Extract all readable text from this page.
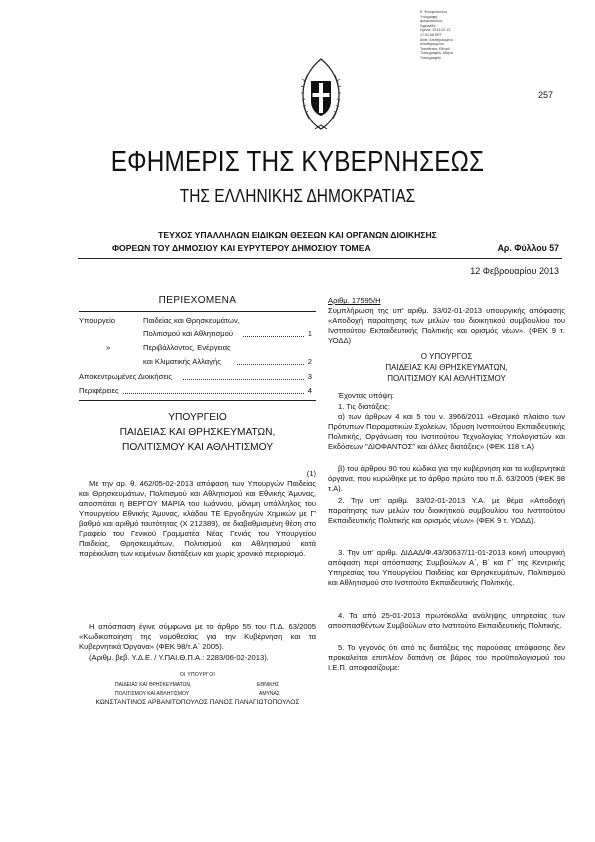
Ε. Φουφόπουλος
Υπογραφή
φουφοπουλος
Σφραγίδα
Ημ/νία: 2013.02.12
17:41:08 EET
Αιτία: Αποθηκευμένο
Αποθηκευμένο
Τοποθεσία: Εθνικό
Τυπογραφείο, Αθήνα
Τυπογραφείο
257
ΕΦΗΜΕΡΙΣ ΤΗΣ ΚΥΒΕΡΝΗΣΕΩΣ
ΤΗΣ ΕΛΛΗΝΙΚΗΣ ΔΗΜΟΚΡΑΤΙΑΣ
ΤΕΥΧΟΣ ΥΠΑΛΛΗΛΩΝ ΕΙΔΙΚΩΝ ΘΕΣΕΩΝ ΚΑΙ ΟΡΓΑΝΩΝ ΔΙΟΙΚΗΣΗΣ
ΦΟΡΕΩΝ ΤΟΥ ΔΗΜΟΣΙΟΥ ΚΑΙ ΕΥΡΥΤΕΡΟΥ ΔΗΜΟΣΙΟΥ ΤΟΜΕΑ	Αρ. Φύλλου 57
12 Φεβρουαρίου 2013
ΠΕΡΙΕΧΟΜΕΝΑ
Υπουργείο	Παιδείας και Θρησκευμάτων,
Πολιτισμού και Αθλητισμού	1
»	Περιβάλλοντος, Ενέργειας
και Κλιματικής Αλλαγής	2
Αποκεντρωμένες Διοικήσεις	3
Περιφέρειες	4
ΥΠΟΥΡΓΕΙΟ
ΠΑΙΔΕΙΑΣ ΚΑΙ ΘΡΗΣΚΕΥΜΑΤΩΝ,
ΠΟΛΙΤΙΣΜΟΥ ΚΑΙ ΑΘΛΗΤΙΣΜΟΥ
(1)
Με την αρ. θ. 462/05-02-2013 απόφαση των Υπουργών Παιδείας και Θρησκευμάτων, Πολιτισμού και Αθλητισμού και Εθνικής Άμυνας, αποσπάται η ΒΕΡΓΟΥ ΜΑΡΙΑ του Ιωάννου, μόνιμη υπάλληλος του Υπουργείου Εθνικής Άμυνας, κλάδου ΤΕ Εργοδηγών Χημικών με Γ' βαθμό και αριθμό ταυτότητας (Χ 212389), σε διαβαθμισμένη θέση στο Γραφείο του Γενικού Γραμματέα Νέας Γενιάς του Υπουργείου Παιδείας, Θρησκευμάτων, Πολιτισμού και Αθλητισμού κατά παρέκκλιση των κειμένων διατάξεων και χωρίς χρονικό περιορισμό.
Η απόσπαση έγινε σύμφωνα με το άρθρο 55 του Π.Δ. 63/2005 «Κωδικοποίηση της νομοθεσίας για την Κυβέρνηση και τα Κυβερνητικά Όργανα» (ΦΕΚ 98/τ.Α΄ 2005).
(Αριθμ. βεβ. Υ.Δ.Ε. / Υ.ΠΑΙ.Θ.Π.Α.: 2283/06-02-2013).
ΟΙ ΥΠΟΥΡΓΟΙ
ΠΑΙΔΕΙΑΣ ΚΑΙ ΘΡΗΣΚΕΥΜΑΤΩΝ,	ΕΘΝΙΚΗΣ
ΠΟΛΙΤΙΣΜΟΥ ΚΑΙ ΑΘΛΗΤΙΣΜΟΥ	ΑΜΥΝΑΣ
ΚΩΝΣΤΑΝΤΙΝΟΣ ΑΡΒΑΝΙΤΟΠΟΥΛΟΣ ΠΑΝΟΣ ΠΑΝΑΓΙΩΤΟΠΟΥΛΟΣ
Αριθμ. 17595/Η
Συμπλήρωση της υπ' αριθμ. 33/02-01-2013 υπουργικής απόφασης «Αποδοχή παραίτησης των μελών του διοικητικού συμβουλίου του Ινστιτούτου Εκπαιδευτικής Πολιτικής και ορισμός νέων». (ΦΕΚ 9 τ. ΥΟΔΔ)
Ο ΥΠΟΥΡΓΟΣ
ΠΑΙΔΕΙΑΣ ΚΑΙ ΘΡΗΣΚΕΥΜΑΤΩΝ,
ΠΟΛΙΤΙΣΜΟΥ ΚΑΙ ΑΘΛΗΤΙΣΜΟΥ
Έχοντας υπόψη:
1. Τις διατάξεις:
α) των άρθρων 4 και 5 του ν. 3966/2011 «Θεσμικό πλαίσιο των Πρότυπων Πειραματικών Σχολείων, Ίδρυση Ινστιτούτου Εκπαιδευτικής Πολιτικής, Οργάνωση του Ινστιτούτου Τεχνολογίας Υπολογιστών και Εκδόσεων "ΔΙΟΦΑΝΤΟΣ" και άλλες διατάξεις» (ΦΕΚ 118 τ.Α)
β) του άρθρου 90 του κώδικα για την κυβέρνηση και τα κυβερνητικά όργανα, που κυρώθηκε με το άρθρο πρώτο του π.δ. 63/2005 (ΦΕΚ 98 τ.Α).
2. Την υπ' αριθμ. 33/02-01-2013 Υ.Α. με θέμα «Αποδοχή παραίτησης των μελών του διοικητικού συμβουλίου του Ινστιτούτου Εκπαιδευτικής Πολιτικής και ορισμός νέων» (ΦΕΚ 9 τ. ΥΟΔΔ).
3. Την υπ' αριθμ. ΔΙΔΑΔ/Φ.43/30637/11-01-2013 κοινή υπουργική απόφαση περί απόσπασης Συμβούλων Α΄, Β΄ και Γ΄ της Κεντρικής Υπηρεσίας του Υπουργείου Παιδείας και Θρησκευμάτων, Πολιτισμού και Αθλητισμού στο Ινστιτούτο Εκπαιδευτικής Πολιτικής.
4. Τα από 25-01-2013 πρωτόκολλα ανάληψης υπηρεσίας των αποσπασθέντων Συμβούλων στο Ινστιτούτο Εκπαιδευτικής Πολιτικής.
5. Το γεγονός ότι από τις διατάξεις της παρούσας απόφασης δεν προκαλείται επιπλέον δαπάνη σε βάρος του προϋπολογισμού του Ι.Ε.Π. αποφασίζουμε:
